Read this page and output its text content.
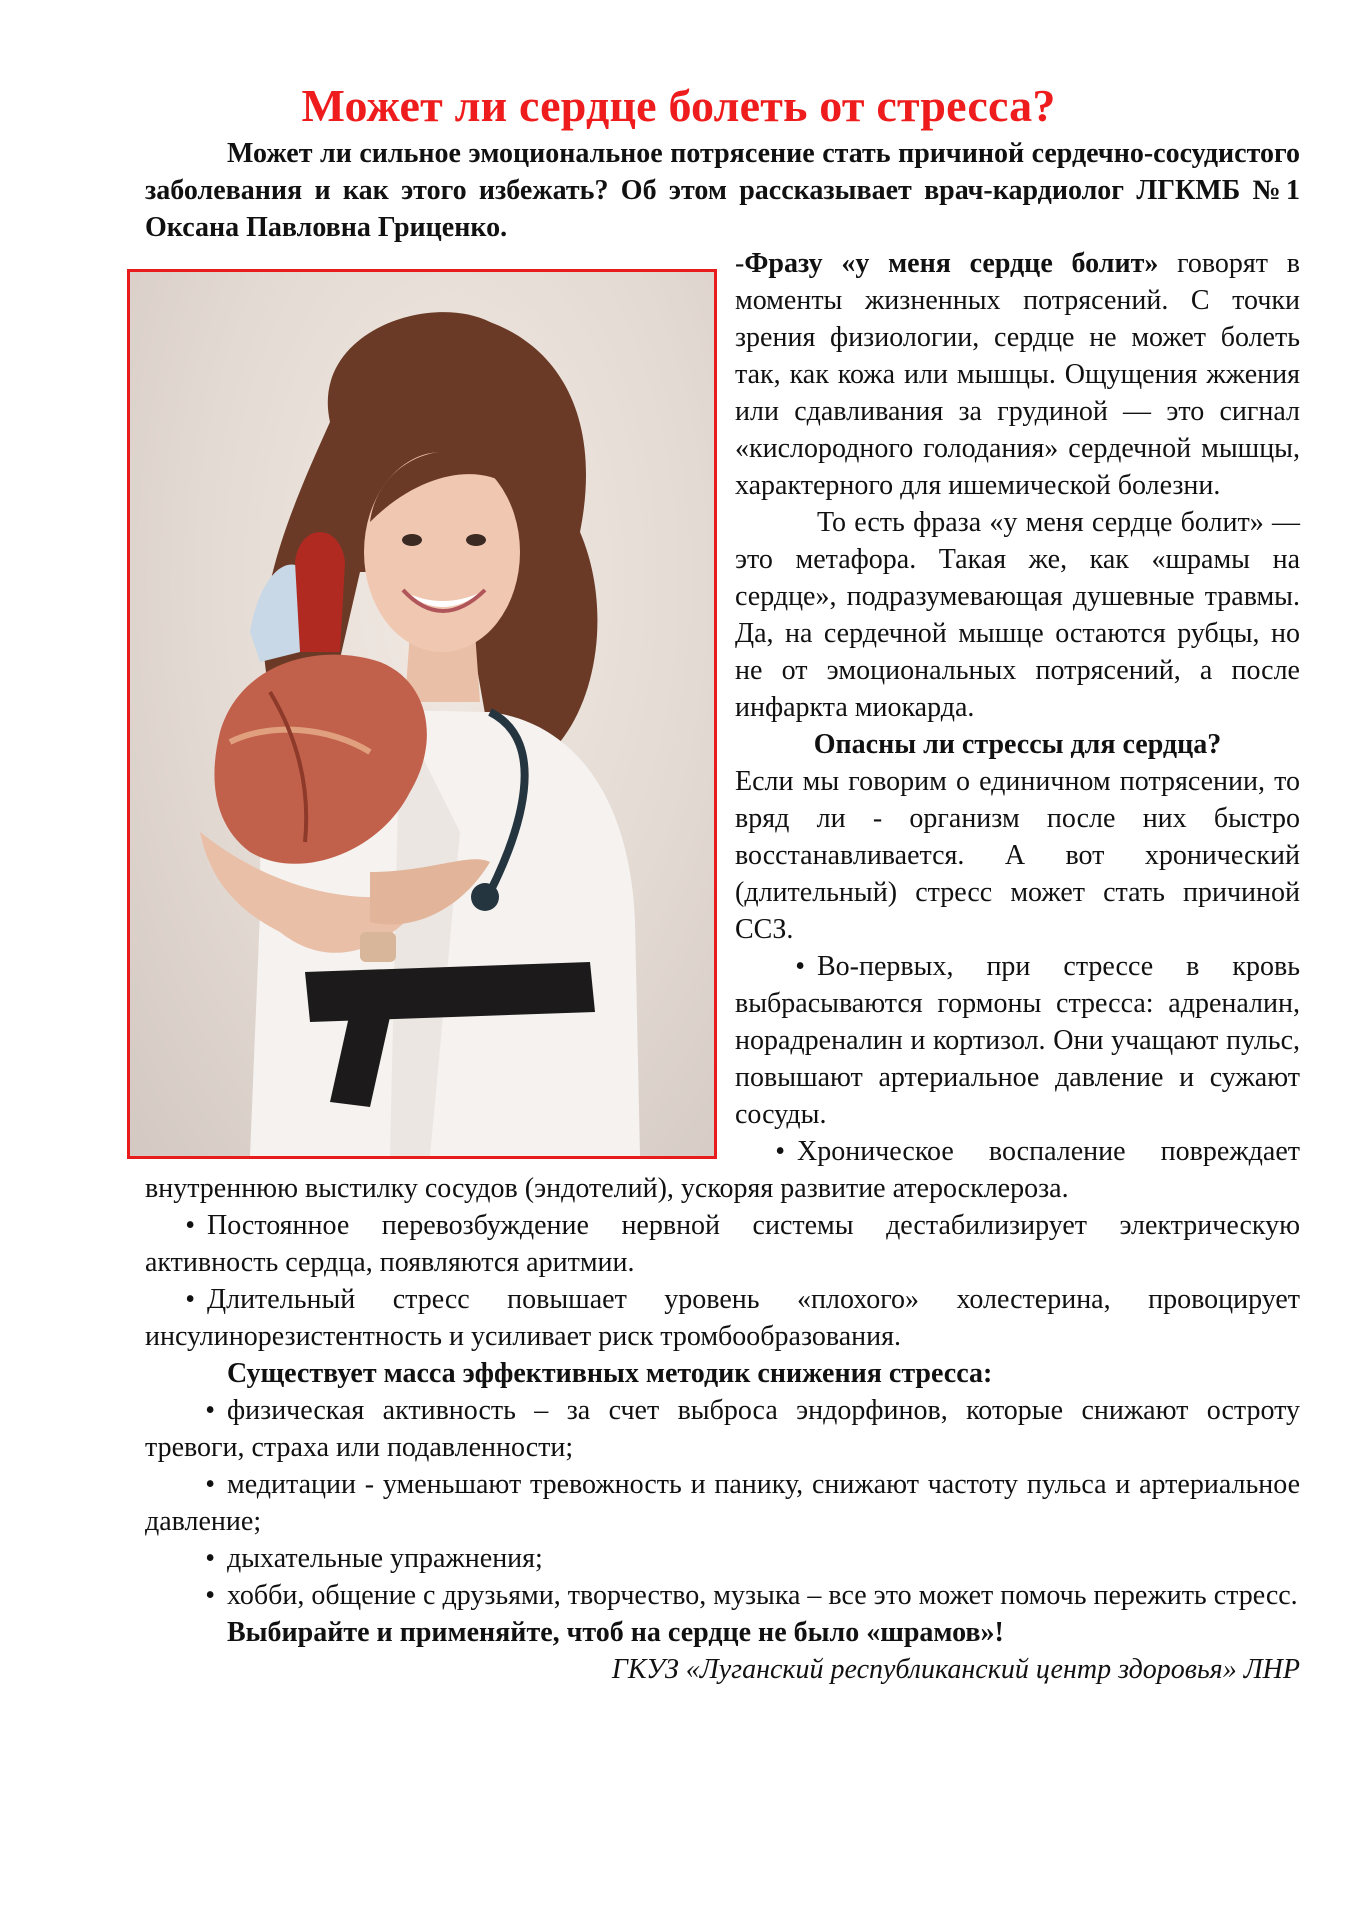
Может ли сердце болеть от стресса?

Может ли сильное эмоциональное потрясение стать причиной сердечно-сосудистого заболевания и как этого избежать? Об этом рассказывает врач-кардиолог ЛГКМБ №1 Оксана Павловна Гриценко.

-Фразу «у меня сердце болит» говорят в моменты жизненных потрясений. С точки зрения физиологии, сердце не может болеть так, как кожа или мышцы. Ощущения жжения или сдавливания за грудиной — это сигнал «кислородного голодания» сердечной мышцы, характерного для ишемической болезни.

То есть фраза «у меня сердце болит» — это метафора. Такая же, как «шрамы на сердце», подразумевающая душевные травмы. Да, на сердечной мышце остаются рубцы, но не от эмоциональных потрясений, а после инфаркта миокарда.

Опасны ли стрессы для сердца?

Если мы говорим о единичном потрясении, то вряд ли - организм после них быстро восстанавливается. А вот хронический (длительный) стресс может стать причиной ССЗ.

• Во-первых, при стрессе в кровь выбрасываются гормоны стресса: адреналин, норадреналин и кортизол. Они учащают пульс, повышают артериальное давление и сужают сосуды.
• Хроническое воспаление повреждает внутреннюю выстилку сосудов (эндотелий), ускоряя развитие атеросклероза.
• Постоянное перевозбуждение нервной системы дестабилизирует электрическую активность сердца, появляются аритмии.
• Длительный стресс повышает уровень «плохого» холестерина, провоцирует инсулинорезистентность и усиливает риск тромбообразования.

Существует масса эффективных методик снижения стресса:

• физическая активность – за счет выброса эндорфинов, которые снижают остроту тревоги, страха или подавленности;
• медитации - уменьшают тревожность и панику, снижают частоту пульса и артериальное давление;
• дыхательные упражнения;
• хобби, общение с друзьями, творчество, музыка – все это может помочь пережить стресс.

Выбирайте и применяйте, чтоб на сердце не было «шрамов»!

ГКУЗ «Луганский республиканский центр здоровья» ЛНР
